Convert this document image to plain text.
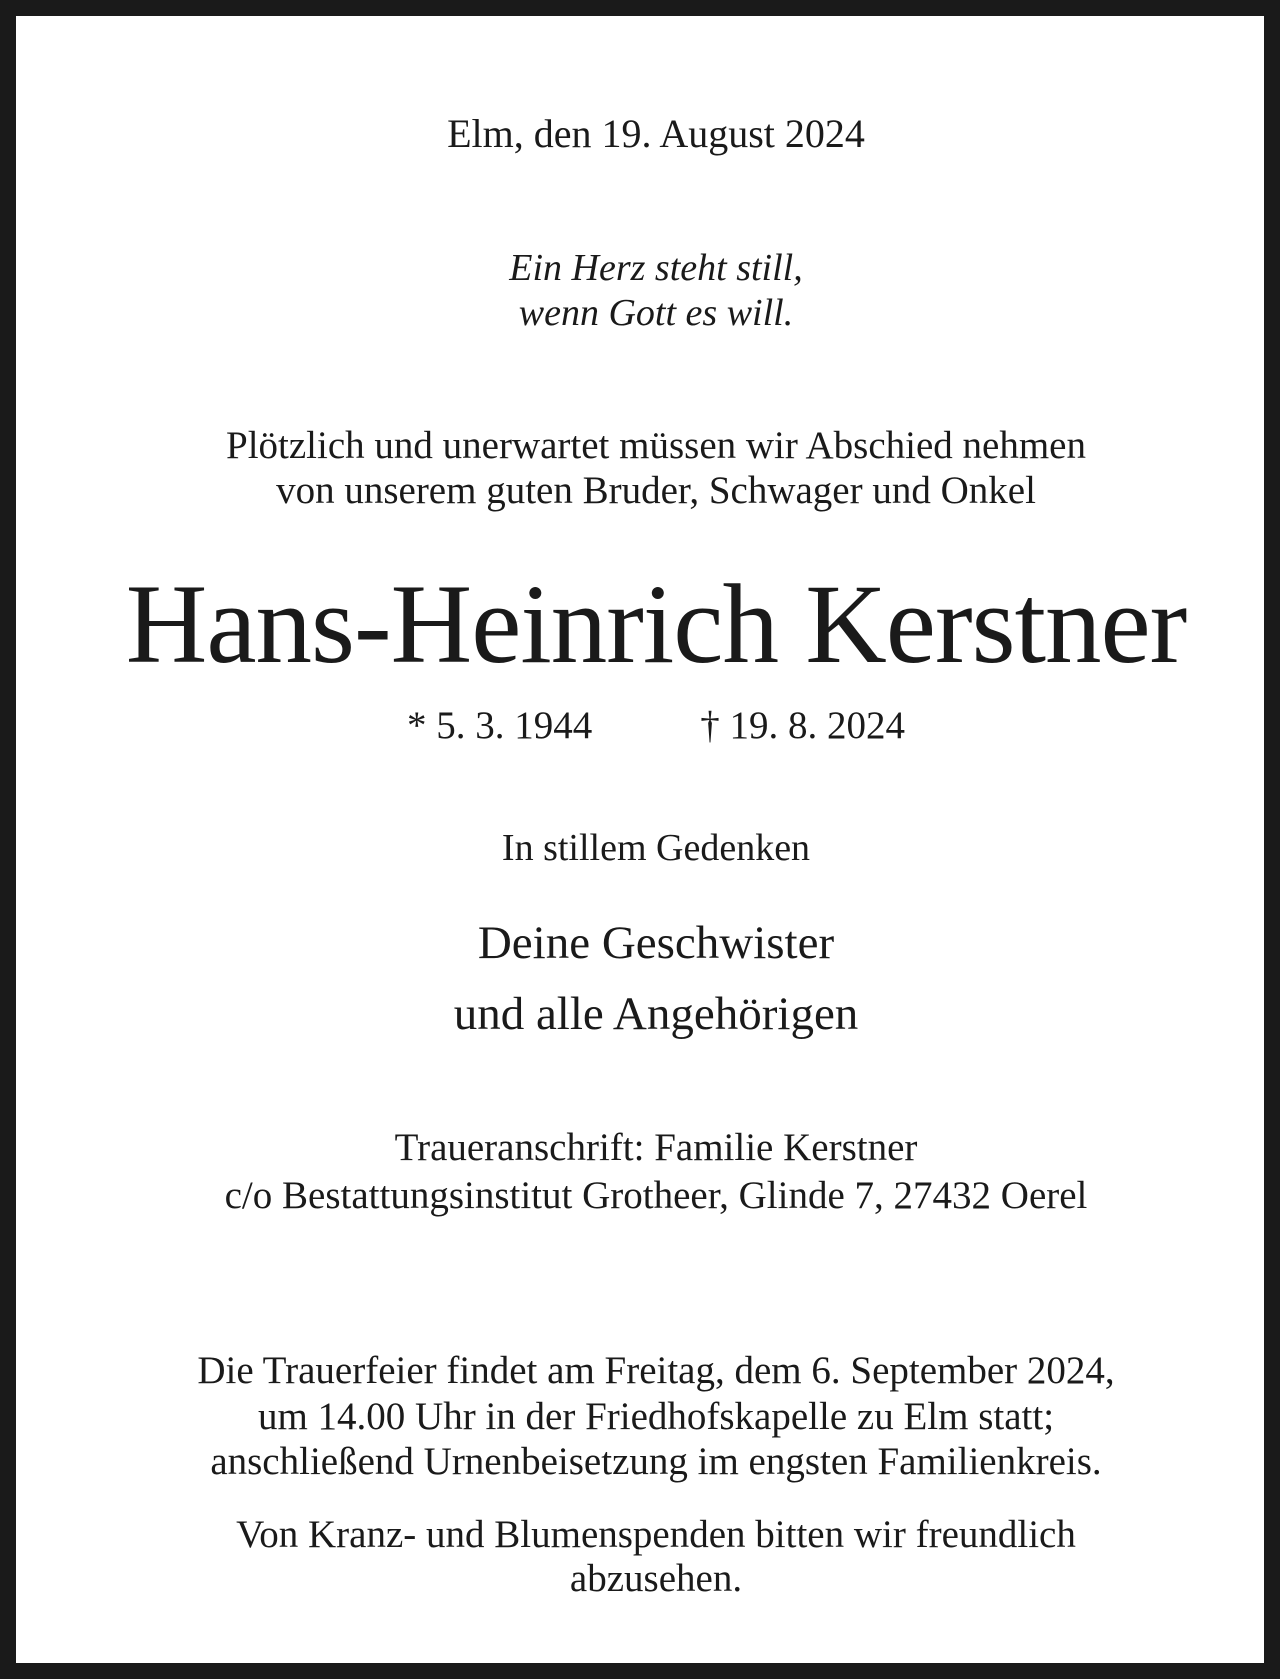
Elm, den 19. August 2024
Ein Herz steht still,
wenn Gott es will.
Plötzlich und unerwartet müssen wir Abschied nehmen
von unserem guten Bruder, Schwager und Onkel
Hans-Heinrich Kerstner
* 5. 3. 1944	† 19. 8. 2024
In stillem Gedenken
Deine Geschwister
und alle Angehörigen
Traueranschrift: Familie Kerstner
c/o Bestattungsinstitut Grotheer, Glinde 7, 27432 Oerel
Die Trauerfeier findet am Freitag, dem 6. September 2024,
um 14.00 Uhr in der Friedhofskapelle zu Elm statt;
anschließend Urnenbeisetzung im engsten Familienkreis.
Von Kranz- und Blumenspenden bitten wir freundlich
abzusehen.
